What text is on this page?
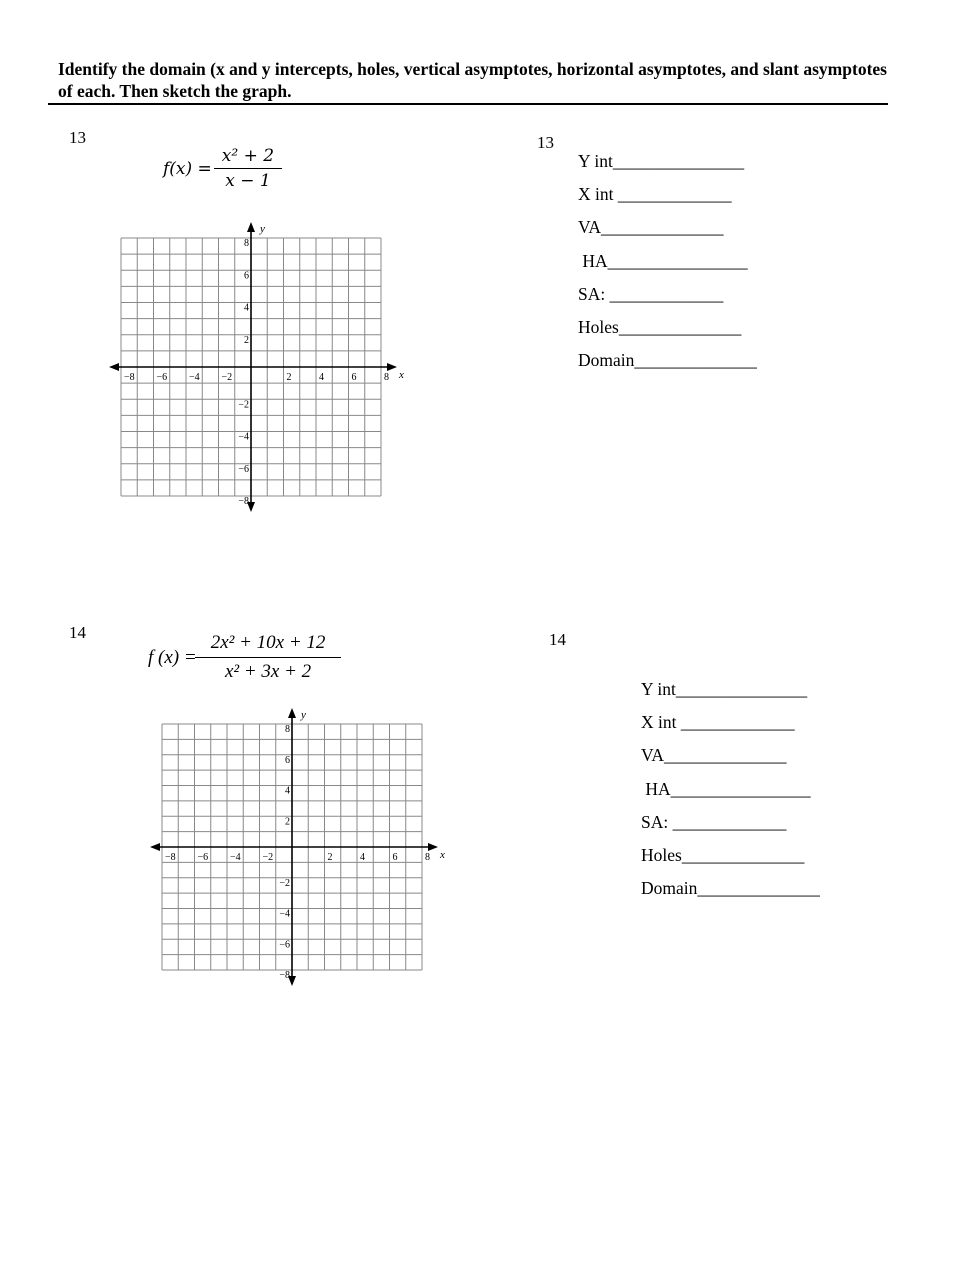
Identify the domain (x and y intercepts, holes, vertical asymptotes, horizontal asymptotes, and slant asymptotes of each. Then sketch the graph.
13
$f(x) = \frac{\text{x² + 2}}{x - 1}$
x
y
−8 −6 −4 −2	2	4	6	8
8
6
4
2
−2
−4
−6
−8
13
Y int_______________
X int _____________
VA______________
HA________________
SA: _____________
Holes______________
Domain______________
14
f $(x) = \frac{\text{2x² + 10x + 12}}{\text{x² + 3x + 2}}$
x
y
−8 −6 −4 −2	2	4	6	8
8
6
4
2
−2
−4
−6
−8
14
Y int_______________
X int _____________
VA______________
HA________________
SA: _____________
Holes______________
Domain______________
